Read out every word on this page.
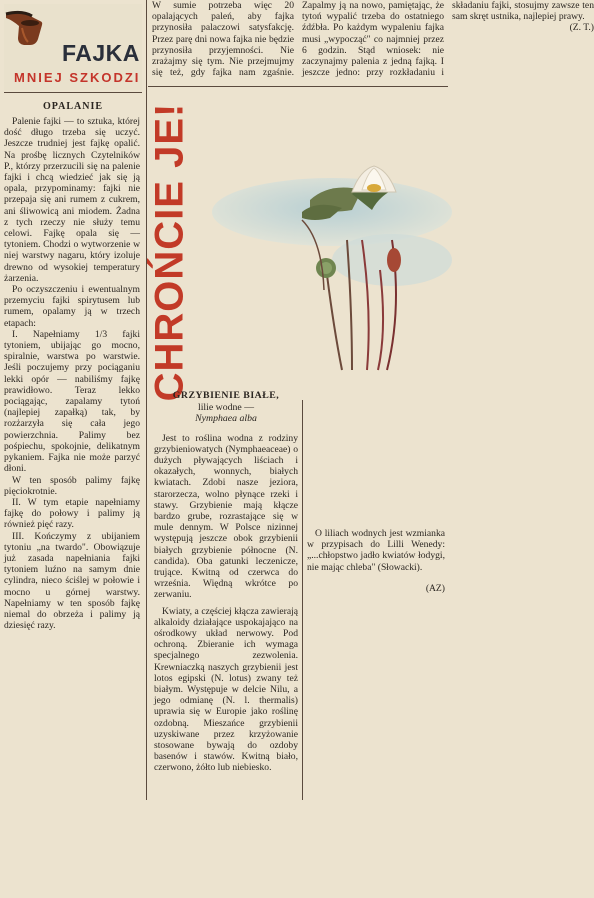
FAJKA
MNIEJ SZKODZI
OPALANIE

Palenie fajki — to sztuka, której dość długo trzeba się uczyć. Jeszcze trudniej jest fajkę opalić. Na prośbę licznych Czytelników P., którzy przerzucili się na palenie fajki i chcą wiedzieć jak się ją opala, przypominamy: fajki nie przepaja się ani rumem z cukrem, ani śliwowicą ani miodem. Żadna z tych rzeczy nie służy temu celowi. Fajkę opala się — tytoniem. Chodzi o wytworzenie w niej warstwy nagaru, który izoluje drewno od wysokiej temperatury żarzenia.

Po oczyszczeniu i ewentualnym przemyciu fajki spirytusem lub rumem, opalamy ją w trzech etapach:

I. Napełniamy 1/3 fajki tytoniem, ubijając go mocno, spiralnie, warstwa po warstwie. Jeśli poczujemy przy pociąganiu lekki opór — nabiliśmy fajkę prawidłowo. Teraz lekko pociągając, zapalamy tytoń (najlepiej zapałką) tak, by rozżarzyła się cała jego powierzchnia. Palimy bez pośpiechu, spokojnie, delikatnym pykaniem. Fajka nie może parzyć dłoni.

W ten sposób palimy fajkę pięciokrotnie.

II. W tym etapie napełniamy fajkę do połowy i palimy ją również pięć razy.

III. Kończymy z ubijaniem tytoniu „na twardo". Obowiązuje już zasada napełniania fajki tytoniem luźno na samym dnie cylindra, nieco ściślej w połowie i mocno u górnej warstwy. Napełniamy w ten sposób fajkę niemal do obrzeża i palimy ją dziesięć razy.

W sumie potrzeba więc 20 opalających paleń, aby fajka przynosiła palaczowi satysfakcję. Przez parę dni nowa fajka nie będzie przynosiła przyjemności. Nie zrażajmy się tym. Nie przejmujmy się też, gdy fajka nam zgaśnie. Zapalmy ją na nowo, pamiętając, że tytoń wypalić trzeba do ostatniego źdźbła. Po każdym wypaleniu fajka musi „wypocząć" co najmniej przez 6 godzin. Stąd wniosek: nie zaczynajmy palenia z jedną fajką. I jeszcze jedno: przy rozkładaniu i składaniu fajki, stosujmy zawsze ten sam skręt ustnika, najlepiej prawy.

(Z. T.)
CHROŃCIE JE!
GRZYBIENIE BIAŁE,
lilie wodne —
Nymphaea alba

Jest to roślina wodna z rodziny grzybieniowatych (Nymphaeaceae) o dużych pływających liściach i okazałych, wonnych, białych kwiatach. Zdobi nasze jeziora, starorzecza, wolno płynące rzeki i stawy. Grzybienie mają kłącze bardzo grube, rozrastające się w mule dennym. W Polsce nizinnej występują jeszcze obok grzybienii białych grzybienie północne (N. candida). Oba gatunki leczenicze, trujące. Kwitną od czerwca do września. Więdną wkrótce po zerwaniu.

Kwiaty, a częściej kłącza zawierają alkaloidy działające uspokajająco na ośrodkowy układ nerwowy. Pod ochroną. Zbieranie ich wymaga specjalnego zezwolenia. Krewniaczką naszych grzybienii jest lotos egipski (N. lotus) zwany też białym. Występuje w delcie Nilu, a jego odmianę (N. l. thermalis) uprawia się w Europie jako roślinę ozdobną. Mieszańce grzybienii uzyskiwane przez krzyżowanie stosowane bywają do ozdoby basenów i stawów. Kwitną biało, czerwono, żółto lub niebiesko.

O liliach wodnych jest wzmianka w przypisach do Lilli Wenedy: „...chłopstwo jadło kwiatów łodygi, nie mając chleba" (Słowacki).

(AZ)
